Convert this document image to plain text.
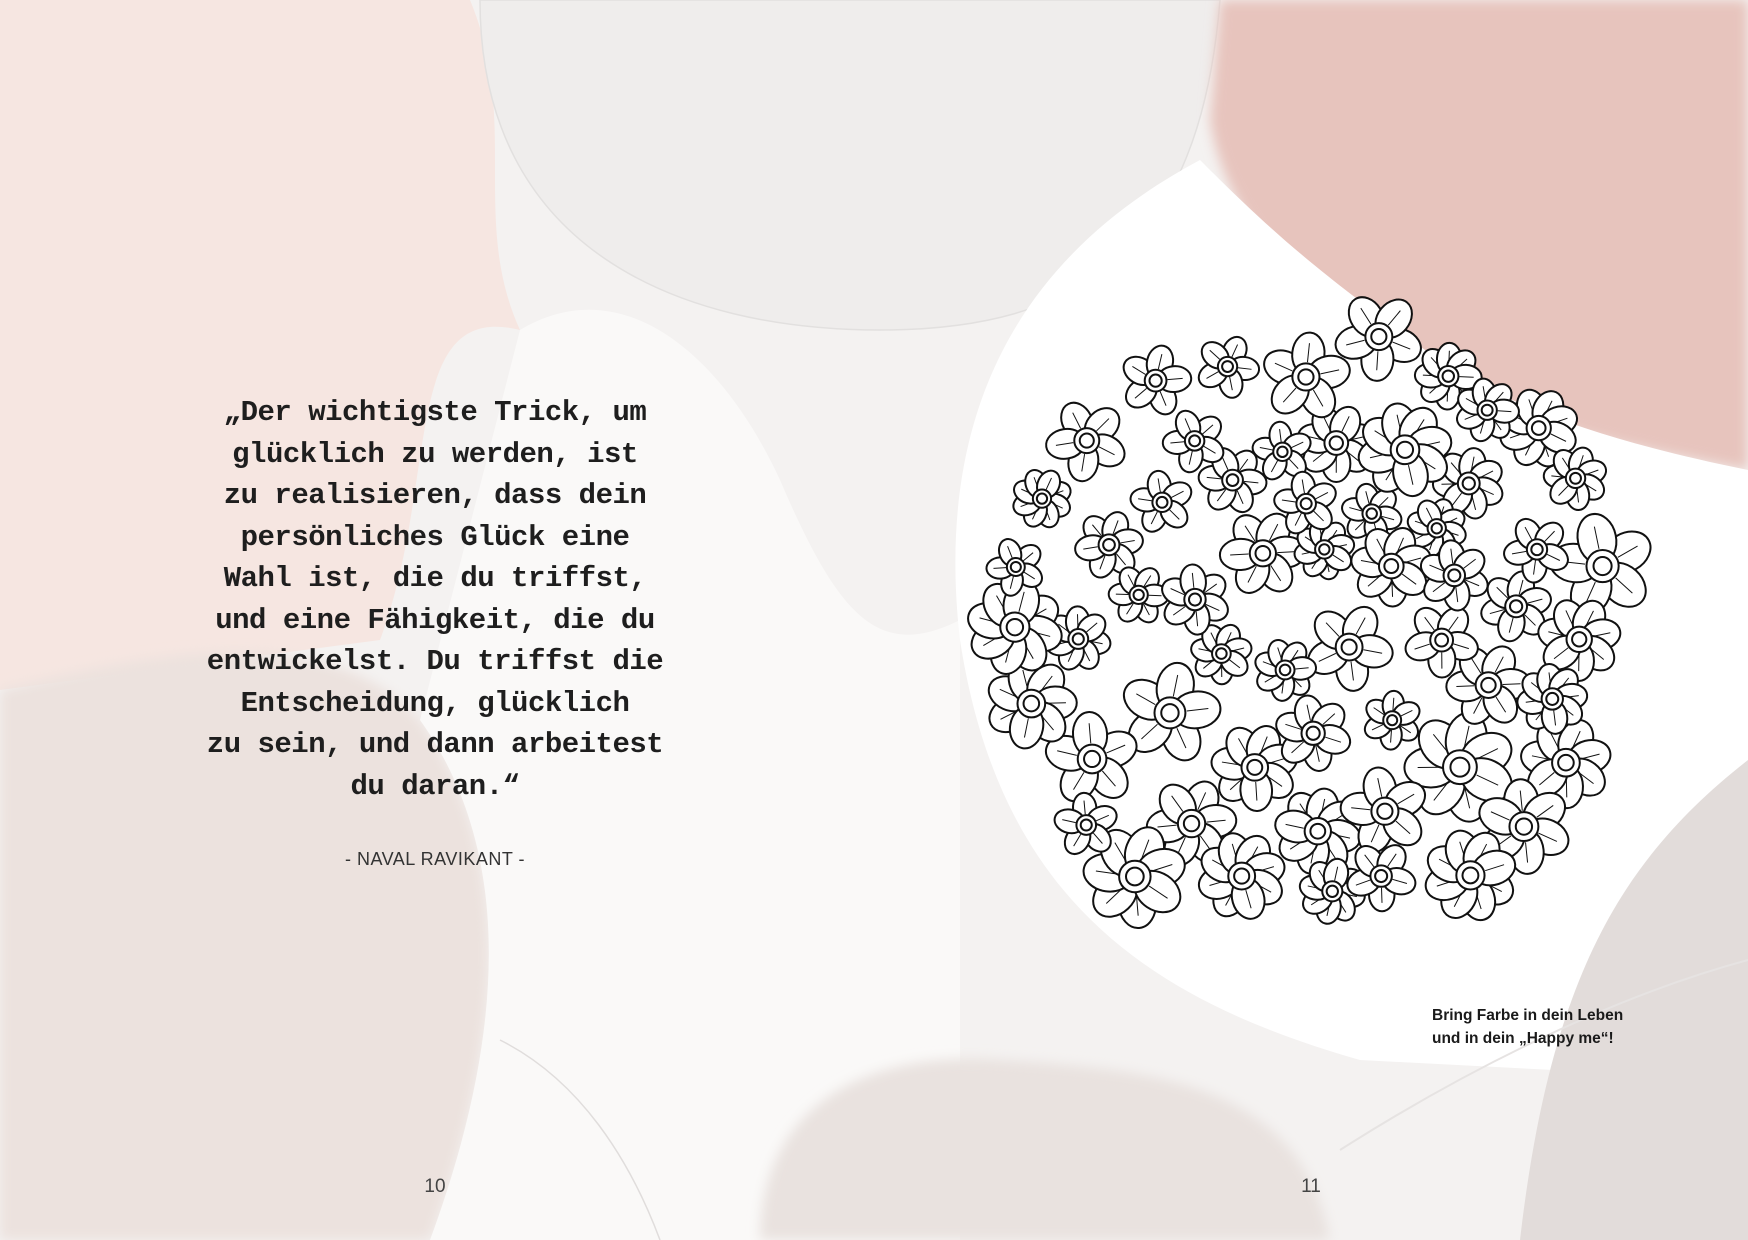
„Der wichtigste Trick, um
glücklich zu werden, ist
zu realisieren, dass dein
persönliches Glück eine
Wahl ist, die du triffst,
und eine Fähigkeit, die du
entwickelst. Du triffst die
Entscheidung, glücklich
zu sein, und dann arbeitest
du daran.“
- NAVAL RAVIKANT -
10
Bring Farbe in dein Leben
und in dein „Happy me“!
11
